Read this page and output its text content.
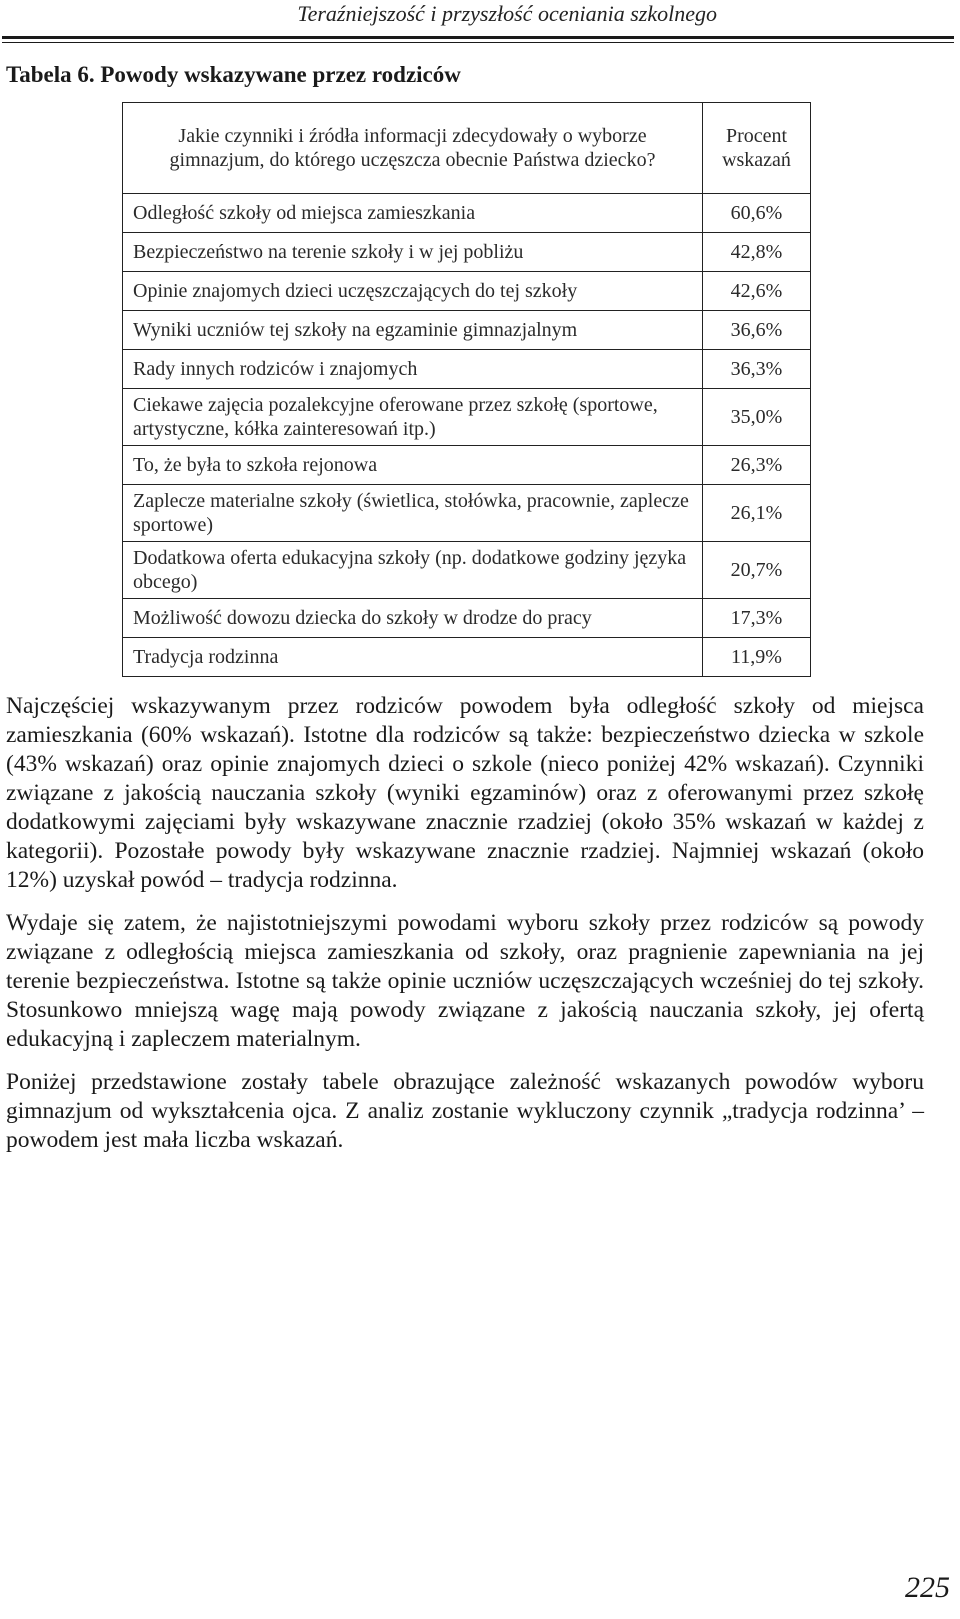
Teraźniejszość i przyszłość oceniania szkolnego
Tabela 6. Powody wskazywane przez rodziców
Jakie czynniki i źródła informacji zdecydowały o wyborze gimnazjum, do którego uczęszcza obecnie Państwa dziecko?	Procent wskazań
Odległość szkoły od miejsca zamieszkania	60,6%
Bezpieczeństwo na terenie szkoły i w jej pobliżu	42,8%
Opinie znajomych dzieci uczęszczających do tej szkoły	42,6%
Wyniki uczniów tej szkoły na egzaminie gimnazjalnym	36,6%
Rady innych rodziców i znajomych	36,3%
Ciekawe zajęcia pozalekcyjne oferowane przez szkołę (sportowe, artystyczne, kółka zainteresowań itp.)	35,0%
To, że była to szkoła rejonowa	26,3%
Zaplecze materialne szkoły (świetlica, stołówka, pracownie, zaplecze sportowe)	26,1%
Dodatkowa oferta edukacyjna szkoły (np. dodatkowe godziny języka obcego)	20,7%
Możliwość dowozu dziecka do szkoły w drodze do pracy	17,3%
Tradycja rodzinna	11,9%

Najczęściej wskazywanym przez rodziców powodem była odległość szkoły od miejsca zamieszkania (60% wskazań). Istotne dla rodziców są także: bezpieczeństwo dziecka w szkole (43% wskazań) oraz opinie znajomych dzieci o szkole (nieco poniżej 42% wskazań). Czynniki związane z jakością nauczania szkoły (wyniki egzaminów) oraz z oferowanymi przez szkołę dodatkowymi zajęciami były wskazywane znacznie rzadziej (około 35% wskazań w każdej z kategorii). Pozostałe powody były wskazywane znacznie rzadziej. Najmniej wskazań (około 12%) uzyskał powód – tradycja rodzinna.

Wydaje się zatem, że najistotniejszymi powodami wyboru szkoły przez rodziców są powody związane z odległością miejsca zamieszkania od szkoły, oraz pragnienie zapewniania na jej terenie bezpieczeństwa. Istotne są także opinie uczniów uczęszczających wcześniej do tej szkoły. Stosunkowo mniejszą wagę mają powody związane z jakością nauczania szkoły, jej ofertą edukacyjną i zapleczem materialnym.

Poniżej przedstawione zostały tabele obrazujące zależność wskazanych powodów wyboru gimnazjum od wykształcenia ojca. Z analiz zostanie wykluczony czynnik „tradycja rodzinna’ – powodem jest mała liczba wskazań.

225
